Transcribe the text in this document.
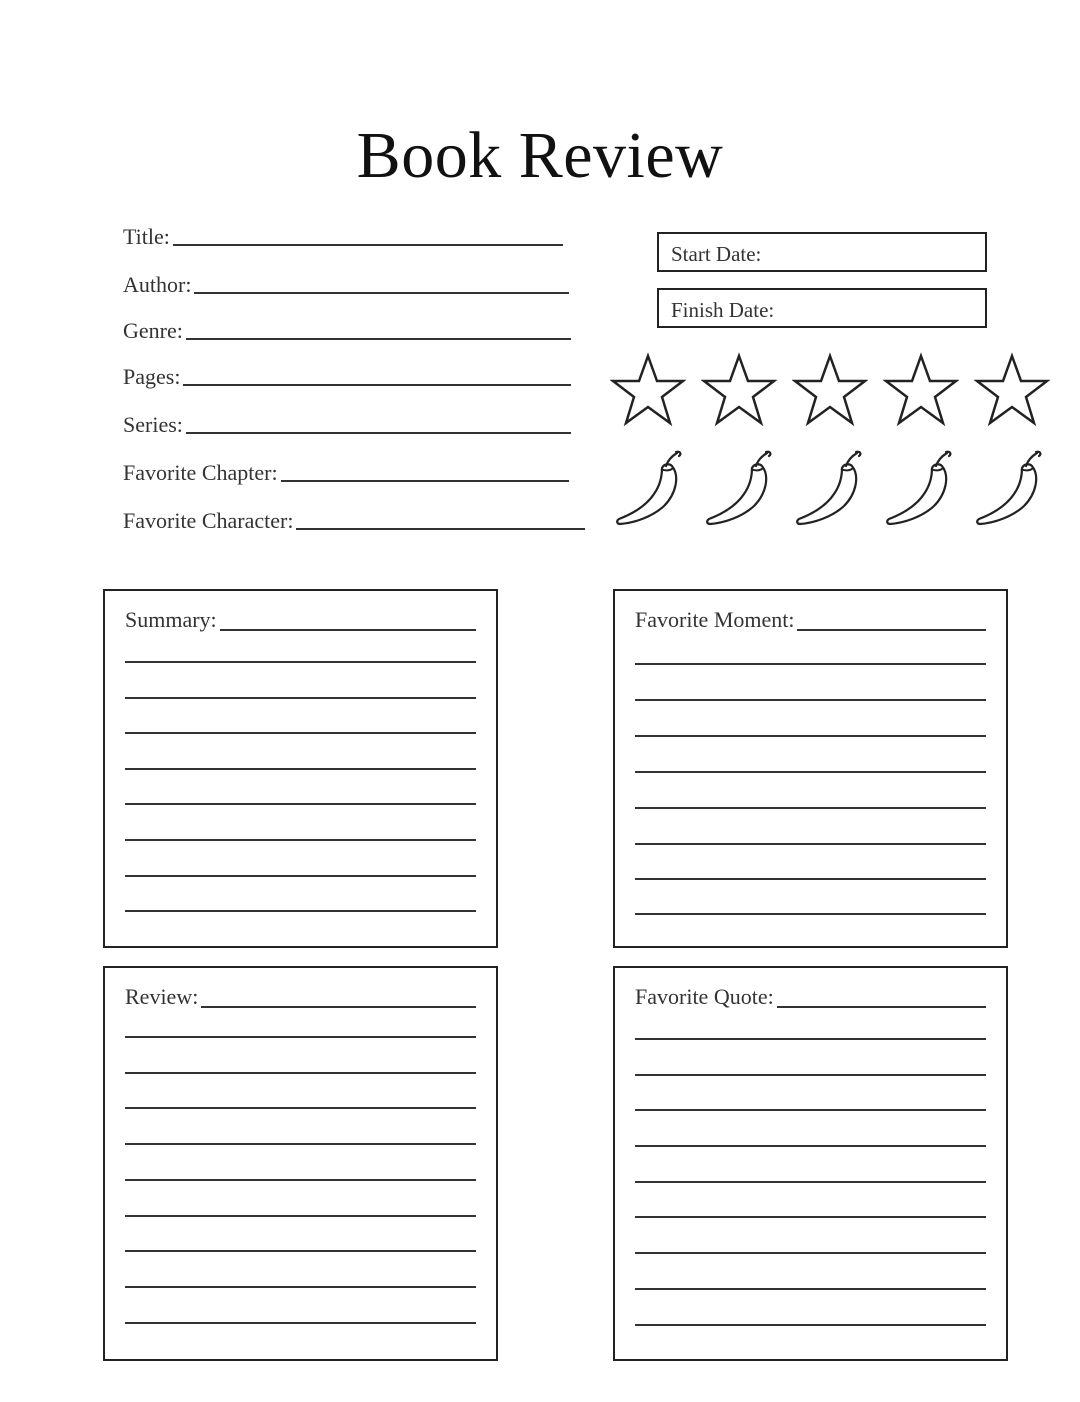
Book Review
Title:
Author:
Genre:
Pages:
Series:
Favorite Chapter:
Favorite Character:
Start Date:
Finish Date:
Summary:	Favorite Moment:
Review:	Favorite Quote:
